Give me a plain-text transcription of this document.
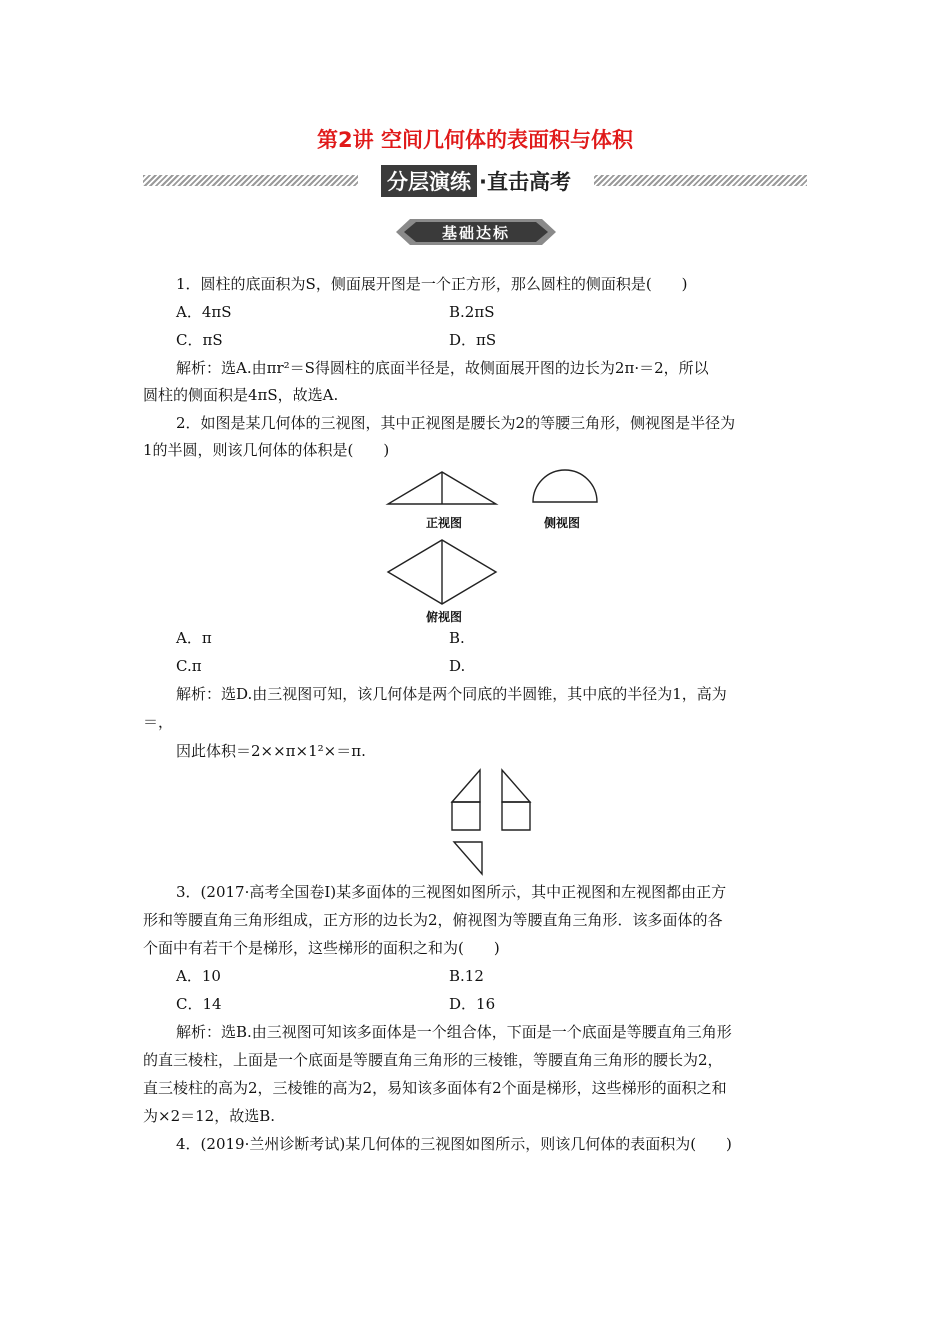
第2讲 空间几何体的表面积与体积
分层演练 ·直击高考
基础达标
1．圆柱的底面积为S，侧面展开图是一个正方形，那么圆柱的侧面积是(　　)
A．4πS	B.2πS
C．πS	D．πS
解析：选A.由πr²＝S得圆柱的底面半径是，故侧面展开图的边长为2π·＝2，所以
圆柱的侧面积是4πS，故选A.
2．如图是某几何体的三视图，其中正视图是腰长为2的等腰三角形，侧视图是半径为
1的半圆，则该几何体的体积是(　　)
正视图	侧视图
俯视图
A．π	B.
C.π	D.
解析：选D.由三视图可知，该几何体是两个同底的半圆锥，其中底的半径为1，高为
＝，
因此体积＝2××π×1²×＝π.
3．(2017·高考全国卷Ⅰ)某多面体的三视图如图所示，其中正视图和左视图都由正方
形和等腰直角三角形组成，正方形的边长为2，俯视图为等腰直角三角形．该多面体的各
个面中有若干个是梯形，这些梯形的面积之和为(　　)
A．10	B.12
C．14	D．16
解析：选B.由三视图可知该多面体是一个组合体，下面是一个底面是等腰直角三角形
的直三棱柱，上面是一个底面是等腰直角三角形的三棱锥，等腰直角三角形的腰长为2，
直三棱柱的高为2，三棱锥的高为2，易知该多面体有2个面是梯形，这些梯形的面积之和
为×2＝12，故选B.
4．(2019·兰州诊断考试)某几何体的三视图如图所示，则该几何体的表面积为(　　)
